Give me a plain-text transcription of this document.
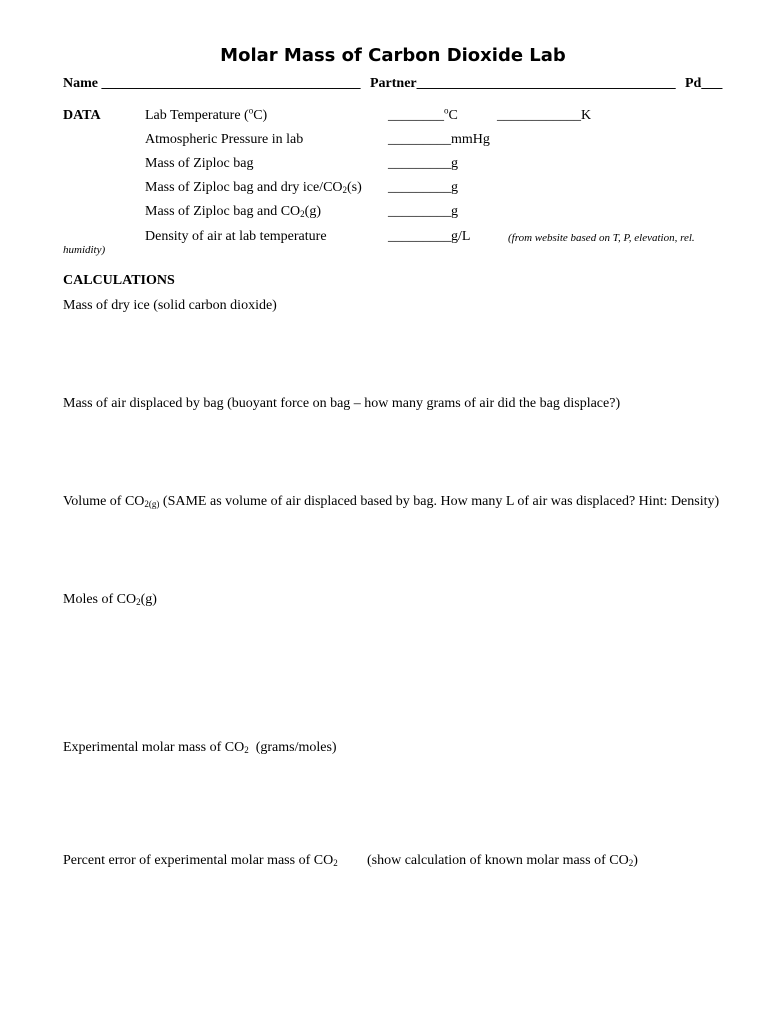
Molar Mass of Carbon Dioxide Lab
Name _____________________________________ Partner_____________________________________ Pd___
DATA	Lab Temperature ($^o$C)	________$^o$C	____________K
Atmospheric Pressure in lab	_________mmHg
Mass of Ziploc bag	_________g
Mass of Ziploc bag and dry ice/$CO_2(s)$ _________g
Mass of Ziploc bag and $CO_2(g)$	_________g
Density of air at lab temperature	_________g/L	(from website based on T, P, elevation, rel.
humidity)
CALCULATIONS
Mass of dry ice (solid carbon dioxide)
Mass of air displaced by bag (buoyant force on bag – how many grams of air did the bag displace?)
Volume of $CO_{2(g)}$ (SAME as volume of air displaced based by bag. How many L of air was displaced? Hint: Density)
Moles of $CO_2(g)$
Experimental molar mass of $CO_2$  (grams/moles)
Percent error of experimental molar mass of $CO_2$ (show calculation of known molar mass of $CO_2$)
